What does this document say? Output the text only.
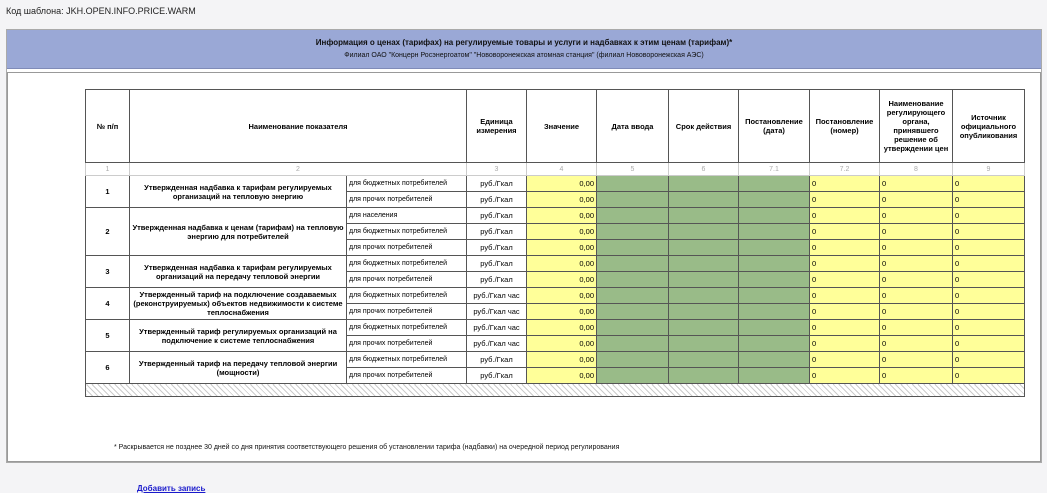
Код шаблона: JKH.OPEN.INFO.PRICE.WARM
Информация о ценах (тарифах) на регулируемые товары и услуги и надбавках к этим ценам (тарифам)*
Филиал ОАО "Концерн Росэнергоатом" "Нововоронежская атомная станция" (филиал Нововоронежская АЭС)
№ п/п	Наименование показателя		Единица измерения	Значение	Дата ввода	Срок действия	Постановление (дата)	Постановление (номер)	Наименование регулирующего органа, принявшего решение об утверждении цен	Источник официального опубликования
1	2		3	4	5	6	7.1	7.2	8	9
1	Утвержденная надбавка к тарифам регулируемых организаций на тепловую энергию	для бюджетных потребителей	руб./Гкал	0,00				0	0	0
		для прочих потребителей	руб./Гкал	0,00				0	0	0
2	Утвержденная надбавка к ценам (тарифам) на тепловую энергию для потребителей	для населения	руб./Гкал	0,00				0	0	0
		для бюджетных потребителей	руб./Гкал	0,00				0	0	0
		для прочих потребителей	руб./Гкал	0,00				0	0	0
3	Утвержденная надбавка к тарифам регулируемых организаций на передачу тепловой энергии	для бюджетных потребителей	руб./Гкал	0,00				0	0	0
		для прочих потребителей	руб./Гкал	0,00				0	0	0
4	Утвержденный тариф на подключение создаваемых (реконструируемых) объектов недвижимости к системе теплоснабжения	для бюджетных потребителей	руб./Гкал час	0,00				0	0	0
		для прочих потребителей	руб./Гкал час	0,00				0	0	0
5	Утвержденный тариф регулируемых организаций на подключение к системе теплоснабжения	для бюджетных потребителей	руб./Гкал час	0,00				0	0	0
		для прочих потребителей	руб./Гкал час	0,00				0	0	0
6	Утвержденный тариф на передачу тепловой энергии (мощности)	для бюджетных потребителей	руб./Гкал	0,00				0	0	0
		для прочих потребителей	руб./Гкал	0,00				0	0	0

Добавить запись
* Раскрывается не позднее 30 дней со дня принятия соответствующего решения об установлении тарифа (надбавки) на очередной период регулирования
